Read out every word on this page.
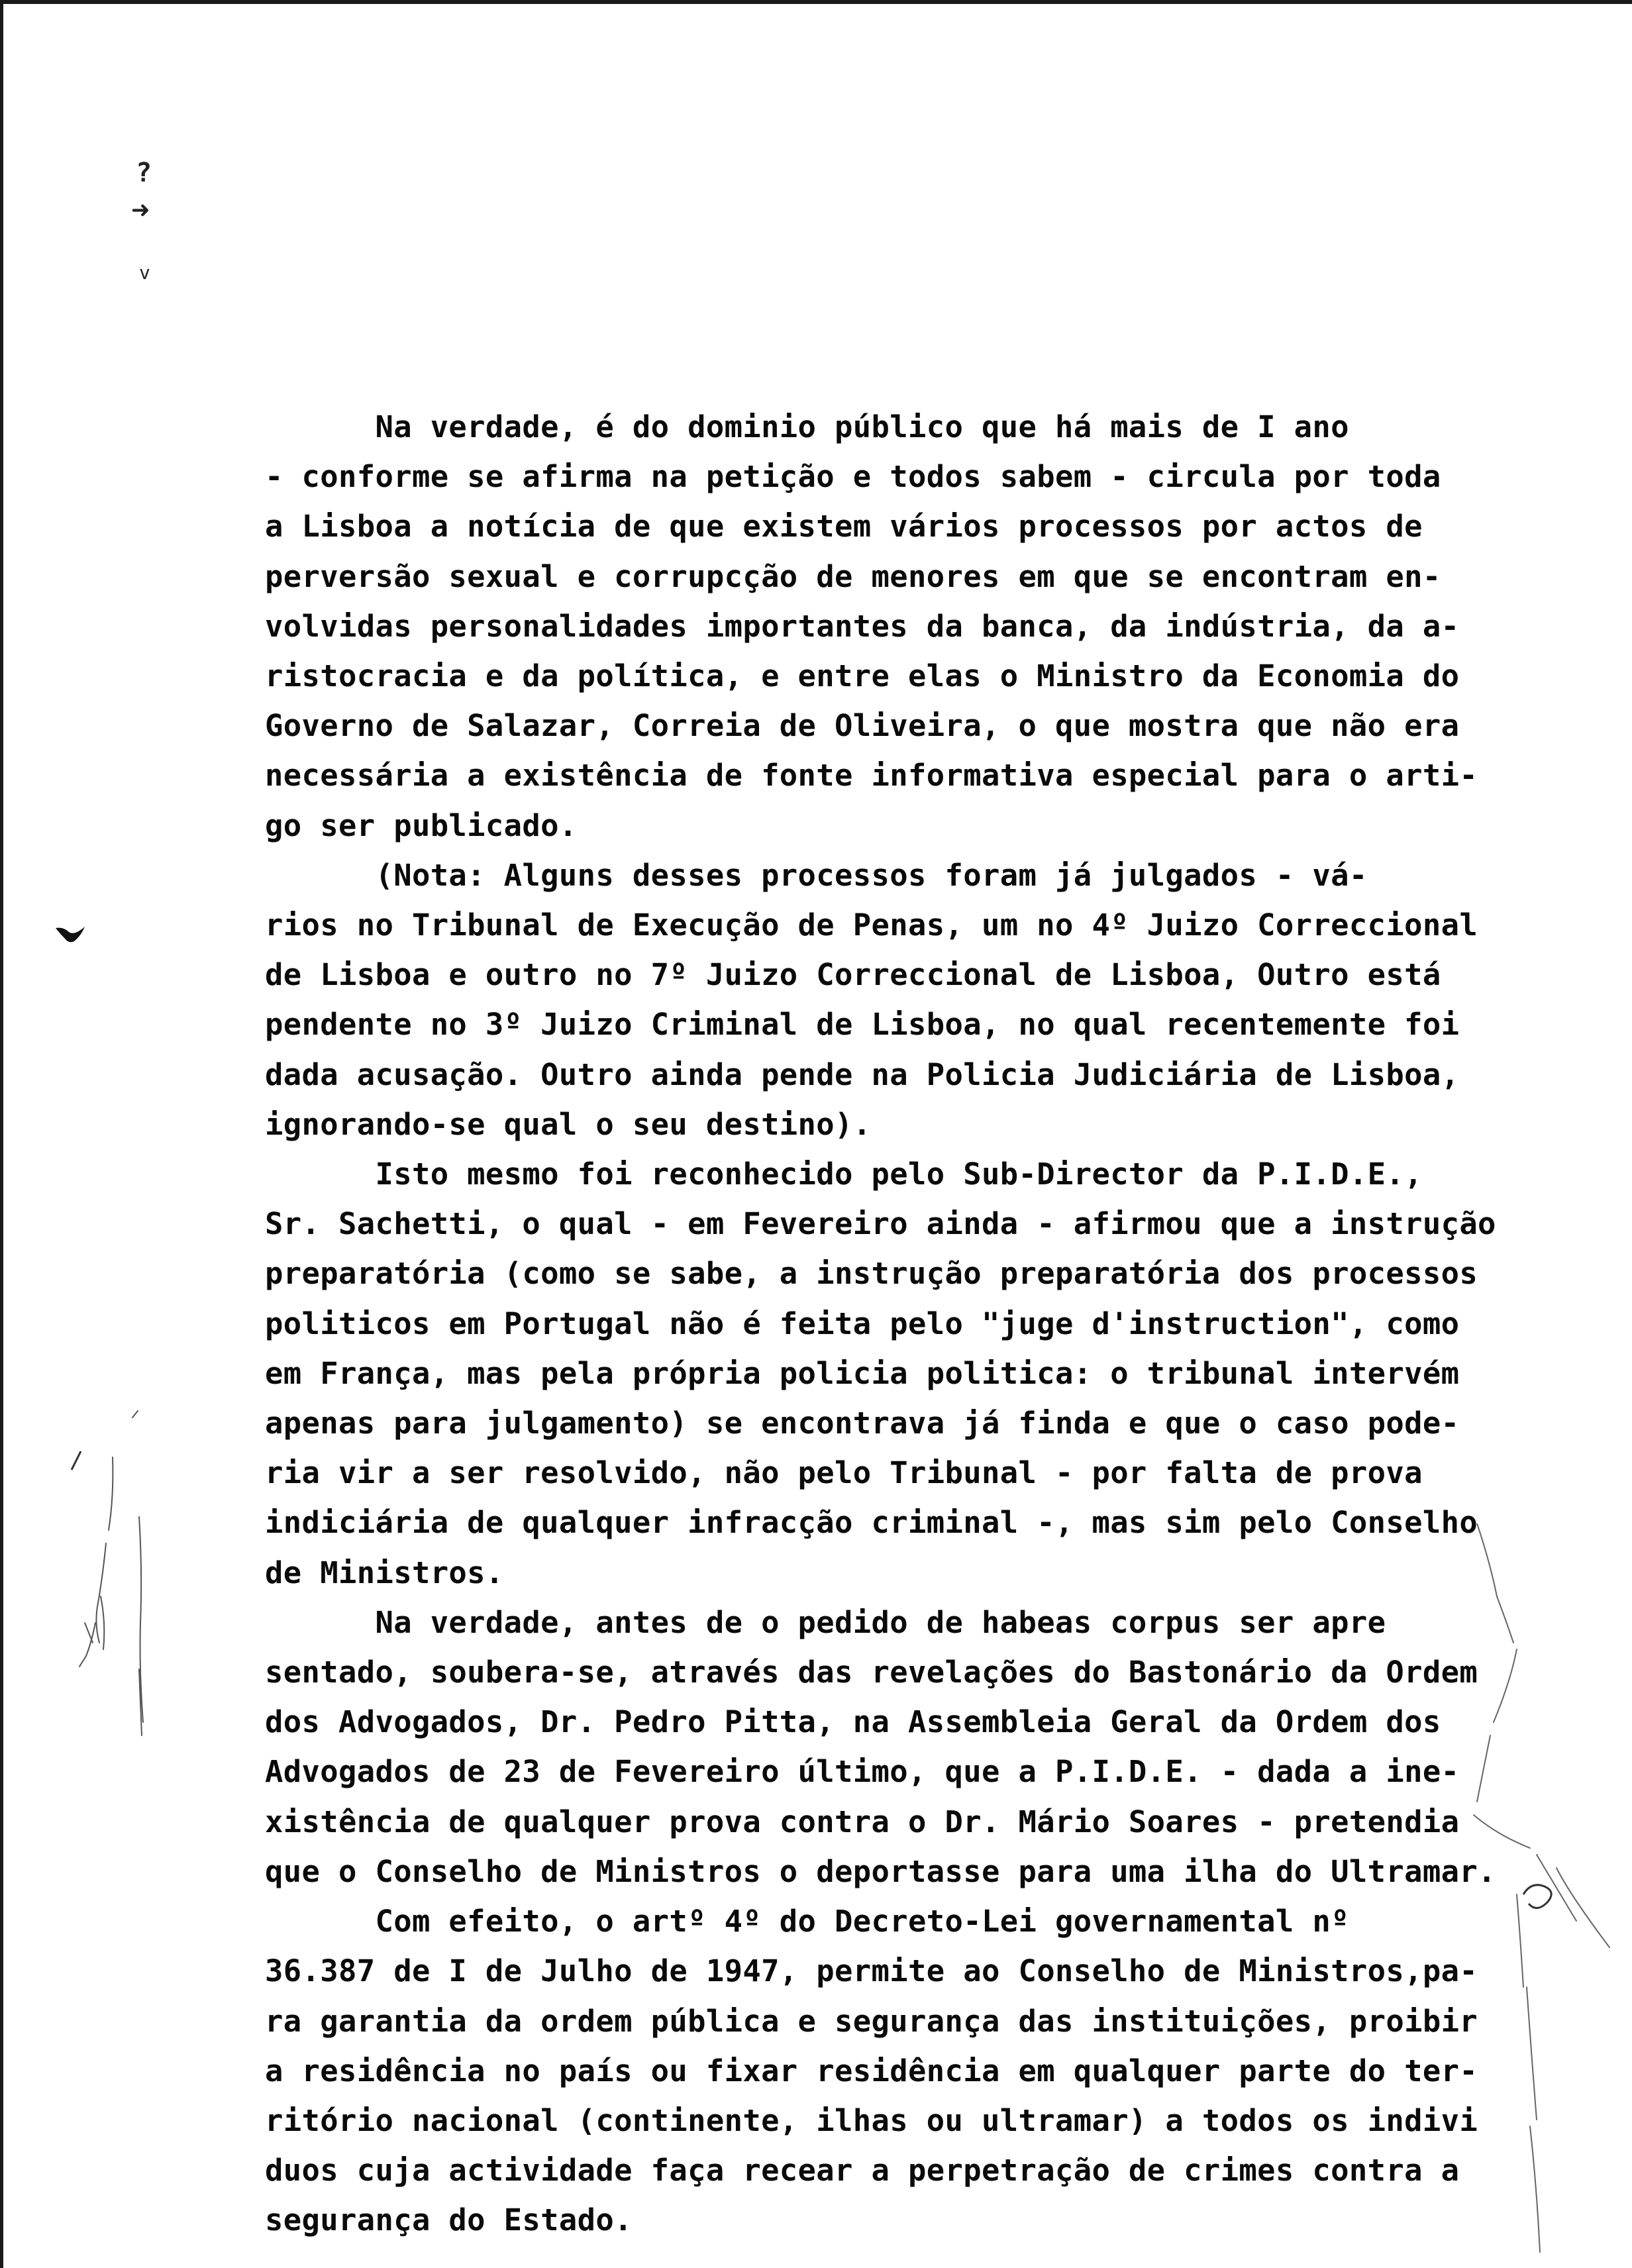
?
➜
v

Na verdade, é do dominio público que há mais de I ano

- conforme se afirma na petição e todos sabem - circula por toda

a Lisboa a notícia de que existem vários processos por actos de

perversão sexual e corrupcção de menores em que se encontram en-

volvidas personalidades importantes da banca, da indústria, da a-

ristocracia e da política, e entre elas o Ministro da Economia do

Governo de Salazar, Correia de Oliveira, o que mostra que não era

necessária a existência de fonte informativa especial para o arti-

go ser publicado.

(Nota: Alguns desses processos foram já julgados - vá-

rios no Tribunal de Execução de Penas, um no 4º Juizo Correccional

de Lisboa e outro no 7º Juizo Correccional de Lisboa, Outro está

pendente no 3º Juizo Criminal de Lisboa, no qual recentemente foi

dada acusação. Outro ainda pende na Policia Judiciária de Lisboa,

ignorando-se qual o seu destino).

Isto mesmo foi reconhecido pelo Sub-Director da P.I.D.E.,

Sr. Sachetti, o qual - em Fevereiro ainda - afirmou que a instrução

preparatória (como se sabe, a instrução preparatória dos processos

politicos em Portugal não é feita pelo "juge d'instruction", como

em França, mas pela própria policia politica: o tribunal intervém

apenas para julgamento) se encontrava já finda e que o caso pode-

ria vir a ser resolvido, não pelo Tribunal - por falta de prova

indiciária de qualquer infracção criminal -, mas sim pelo Conselho

de Ministros.

Na verdade, antes de o pedido de habeas corpus ser apre

sentado, soubera-se, através das revelações do Bastonário da Ordem

dos Advogados, Dr. Pedro Pitta, na Assembleia Geral da Ordem dos

Advogados de 23 de Fevereiro último, que a P.I.D.E. - dada a ine-

xistência de qualquer prova contra o Dr. Mário Soares - pretendia

que o Conselho de Ministros o deportasse para uma ilha do Ultramar.

Com efeito, o artº 4º do Decreto-Lei governamental nº

36.387 de I de Julho de 1947, permite ao Conselho de Ministros,pa-

ra garantia da ordem pública e segurança das instituições, proibir

a residência no país ou fixar residência em qualquer parte do ter-

ritório nacional (continente, ilhas ou ultramar) a todos os indivi

duos cuja actividade faça recear a perpetração de crimes contra a

segurança do Estado.
